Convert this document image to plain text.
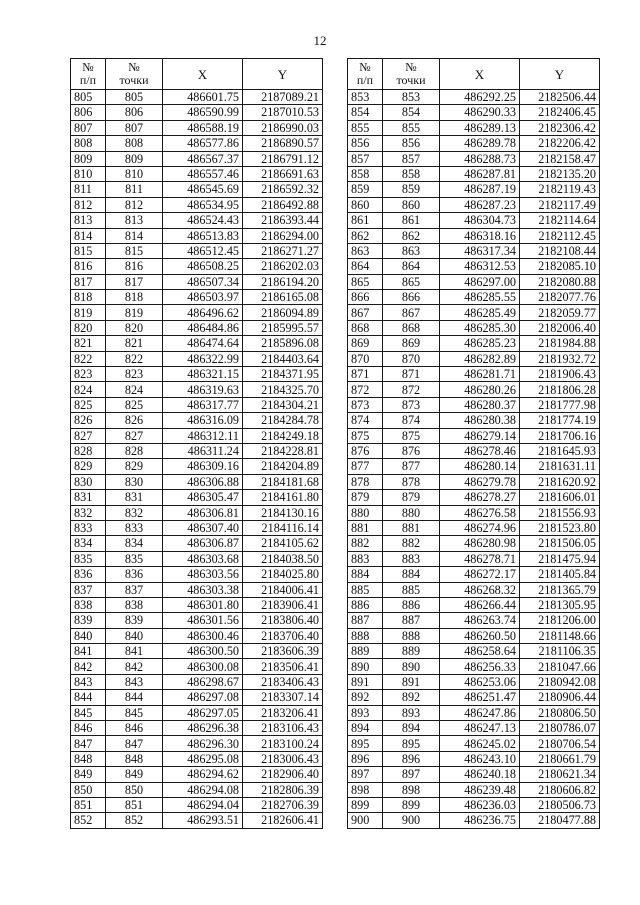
12
№
п/п	№
точки	X	Y
805	805	486601.75	2187089.21
806	806	486590.99	2187010.53
807	807	486588.19	2186990.03
808	808	486577.86	2186890.57
809	809	486567.37	2186791.12
810	810	486557.46	2186691.63
811	811	486545.69	2186592.32
812	812	486534.95	2186492.88
813	813	486524.43	2186393.44
814	814	486513.83	2186294.00
815	815	486512.45	2186271.27
816	816	486508.25	2186202.03
817	817	486507.34	2186194.20
818	818	486503.97	2186165.08
819	819	486496.62	2186094.89
820	820	486484.86	2185995.57
821	821	486474.64	2185896.08
822	822	486322.99	2184403.64
823	823	486321.15	2184371.95
824	824	486319.63	2184325.70
825	825	486317.77	2184304.21
826	826	486316.09	2184284.78
827	827	486312.11	2184249.18
828	828	486311.24	2184228.81
829	829	486309.16	2184204.89
830	830	486306.88	2184181.68
831	831	486305.47	2184161.80
832	832	486306.81	2184130.16
833	833	486307.40	2184116.14
834	834	486306.87	2184105.62
835	835	486303.68	2184038.50
836	836	486303.56	2184025.80
837	837	486303.38	2184006.41
838	838	486301.80	2183906.41
839	839	486301.56	2183806.40
840	840	486300.46	2183706.40
841	841	486300.50	2183606.39
842	842	486300.08	2183506.41
843	843	486298.67	2183406.43
844	844	486297.08	2183307.14
845	845	486297.05	2183206.41
846	846	486296.38	2183106.43
847	847	486296.30	2183100.24
848	848	486295.08	2183006.43
849	849	486294.62	2182906.40
850	850	486294.08	2182806.39
851	851	486294.04	2182706.39
852	852	486293.51	2182606.41
№
п/п	№
точки	X	Y
853	853	486292.25	2182506.44
854	854	486290.33	2182406.45
855	855	486289.13	2182306.42
856	856	486289.78	2182206.42
857	857	486288.73	2182158.47
858	858	486287.81	2182135.20
859	859	486287.19	2182119.43
860	860	486287.23	2182117.49
861	861	486304.73	2182114.64
862	862	486318.16	2182112.45
863	863	486317.34	2182108.44
864	864	486312.53	2182085.10
865	865	486297.00	2182080.88
866	866	486285.55	2182077.76
867	867	486285.49	2182059.77
868	868	486285.30	2182006.40
869	869	486285.23	2181984.88
870	870	486282.89	2181932.72
871	871	486281.71	2181906.43
872	872	486280.26	2181806.28
873	873	486280.37	2181777.98
874	874	486280.38	2181774.19
875	875	486279.14	2181706.16
876	876	486278.46	2181645.93
877	877	486280.14	2181631.11
878	878	486279.78	2181620.92
879	879	486278.27	2181606.01
880	880	486276.58	2181556.93
881	881	486274.96	2181523.80
882	882	486280.98	2181506.05
883	883	486278.71	2181475.94
884	884	486272.17	2181405.84
885	885	486268.32	2181365.79
886	886	486266.44	2181305.95
887	887	486263.74	2181206.00
888	888	486260.50	2181148.66
889	889	486258.64	2181106.35
890	890	486256.33	2181047.66
891	891	486253.06	2180942.08
892	892	486251.47	2180906.44
893	893	486247.86	2180806.50
894	894	486247.13	2180786.07
895	895	486245.02	2180706.54
896	896	486243.10	2180661.79
897	897	486240.18	2180621.34
898	898	486239.48	2180606.82
899	899	486236.03	2180506.73
900	900	486236.75	2180477.88
